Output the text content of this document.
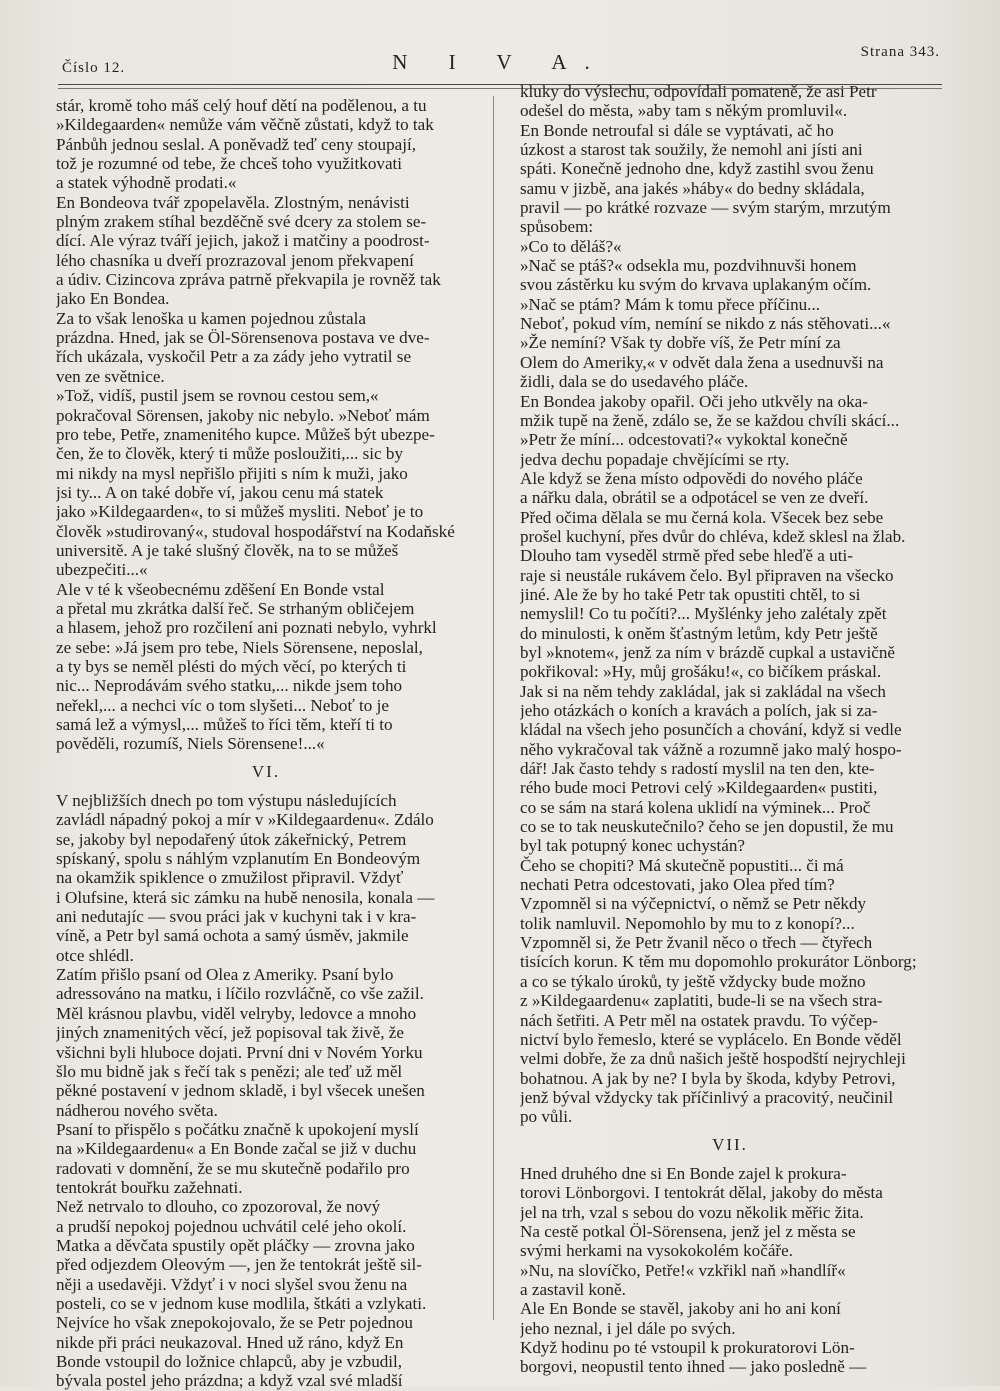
Číslo 12.	N I V A.	Strana 343.
stár, kromě toho máš celý houf dětí na podělenou, a tu
»Kildegaarden« nemůže vám věčně zůstati, když to tak
Pánbůh jednou seslal. A poněvadž teď ceny stoupají,
tož je rozumné od tebe, že chceš toho využitkovati
a statek výhodně prodati.«
En Bondeova tvář zpopelavěla. Zlostným, nenávisti
plným zrakem stíhal bezděčně své dcery za stolem se-
dící. Ale výraz tváří jejich, jakož i matčiny a poodrost-
lého chasníka u dveří prozrazoval jenom překvapení
a údiv. Cizincova zpráva patrně překvapila je rovněž tak
jako En Bondea.
Za to však lenoška u kamen pojednou zůstala
prázdna. Hned, jak se Öl-Sörensenova postava ve dve-
řích ukázala, vyskočil Petr a za zády jeho vytratil se
ven ze světnice.
»Tož, vidíš, pustil jsem se rovnou cestou sem,«
pokračoval Sörensen, jakoby nic nebylo. »Neboť mám
pro tebe, Petře, znamenitého kupce. Můžeš být ubezpe-
čen, že to člověk, který ti může posloužiti,... sic by
mi nikdy na mysl nepřišlo přijiti s ním k muži, jako
jsi ty... A on také dobře ví, jakou cenu má statek
jako »Kildegaarden«, to si můžeš mysliti. Neboť je to
člověk »studirovaný«, studoval hospodářství na Kodaňské
universitě. A je také slušný člověk, na to se můžeš
ubezpečiti...«
Ale v té k všeobecnému zděšení En Bonde vstal
a přetal mu zkrátka další řeč. Se strhaným obličejem
a hlasem, jehož pro rozčilení ani poznati nebylo, vyhrkl
ze sebe: »Já jsem pro tebe, Niels Sörensene, neposlal,
a ty bys se neměl plésti do mých věcí, po kterých ti
nic... Neprodávám svého statku,... nikde jsem toho
neřekl,... a nechci víc o tom slyšeti... Neboť to je
samá lež a výmysl,... můžeš to říci těm, kteří ti to
pověděli, rozumíš, Niels Sörensene!...«
VI.
V nejbližších dnech po tom výstupu následujících
zavládl nápadný pokoj a mír v »Kildegaardenu«. Zdálo
se, jakoby byl nepodařený útok zákeřnický, Petrem
spískaný, spolu s náhlým vzplanutím En Bondeovým
na okamžik spiklence o zmužilost připravil. Vždyť
i Olufsine, která sic zámku na hubě nenosila, konala —
ani nedutajíc — svou práci jak v kuchyni tak i v kra-
víně, a Petr byl samá ochota a samý úsměv, jakmile
otce shlédl.
Zatím přišlo psaní od Olea z Ameriky. Psaní bylo
adressováno na matku, i líčilo rozvláčně, co vše zažil.
Měl krásnou plavbu, viděl velryby, ledovce a mnoho
jiných znamenitých věcí, jež popisoval tak živě, že
všichni byli hluboce dojati. První dni v Novém Yorku
šlo mu bidně jak s řečí tak s penězi; ale teď už měl
pěkné postavení v jednom skladě, i byl všecek unešen
nádherou nového světa.
Psaní to přispělo s počátku značně k upokojení myslí
na »Kildegaardenu« a En Bonde začal se již v duchu
radovati v domnění, že se mu skutečně podařilo pro
tentokrát bouřku zažehnati.
Než netrvalo to dlouho, co zpozoroval, že nový
a prudší nepokoj pojednou uchvátil celé jeho okolí.
Matka a děvčata spustily opět pláčky — zrovna jako
před odjezdem Oleovým —, jen že tentokrát ještě sil-
něji a usedavěji. Vždyť i v noci slyšel svou ženu na
posteli, co se v jednom kuse modlila, štkáti a vzlykati.
Nejvíce ho však znepokojovalo, že se Petr pojednou
nikde při práci neukazoval. Hned už ráno, když En
Bonde vstoupil do ložnice chlapců, aby je vzbudil,
bývala postel jeho prázdna; a když vzal své mladší
kluky do výslechu, odpovídali pomateně, že asi Petr
odešel do města, »aby tam s někým promluvil«.
En Bonde netroufal si dále se vyptávati, ač ho
úzkost a starost tak soužily, že nemohl ani jísti ani
spáti. Konečně jednoho dne, když zastihl svou ženu
samu v jizbě, ana jakés »háby« do bedny skládala,
pravil — po krátké rozvaze — svým starým, mrzutým
spůsobem:
»Co to děláš?«
»Nač se ptáš?« odsekla mu, pozdvihnuvši honem
svou zástěrku ku svým do krvava uplakaným očím.
»Nač se ptám? Mám k tomu přece příčinu...
Neboť, pokud vím, nemíní se nikdo z nás stěhovati...«
»Že nemíní? Však ty dobře víš, že Petr míní za
Olem do Ameriky,« v odvět dala žena a usednuvši na
židli, dala se do usedavého pláče.
En Bondea jakoby opařil. Oči jeho utkvěly na oka-
mžik tupě na ženě, zdálo se, že se každou chvíli skácí...
»Petr že míní... odcestovati?« vykoktal konečně
jedva dechu popadaje chvějícími se rty.
Ale když se žena místo odpovědi do nového pláče
a nářku dala, obrátil se a odpotácel se ven ze dveří.
Před očima dělala se mu černá kola. Všecek bez sebe
prošel kuchyní, přes dvůr do chléva, kdež sklesl na žlab.
Dlouho tam vyseděl strmě před sebe hleďě a uti-
raje si neustále rukávem čelo. Byl připraven na všecko
jiné. Ale že by ho také Petr tak opustiti chtěl, to si
nemyslil! Co tu počíti?... Myšlénky jeho zalétaly zpět
do minulosti, k oněm šťastným letům, kdy Petr ještě
byl »knotem«, jenž za ním v brázdě cupkal a ustavičně
pokřikoval: »Hy, můj grošáku!«, co bičíkem práskal.
Jak si na něm tehdy zakládal, jak si zakládal na všech
jeho otázkách o koních a kravách a polích, jak si za-
kládal na všech jeho posunčích a chování, když si vedle
něho vykračoval tak vážně a rozumně jako malý hospo-
dář! Jak často tehdy s radostí myslil na ten den, kte-
rého bude moci Petrovi celý »Kildegaarden« pustiti,
co se sám na stará kolena uklidí na výminek... Proč
co se to tak neuskutečnilo? čeho se jen dopustil, že mu
byl tak potupný konec uchystán?
Čeho se chopiti? Má skutečně popustiti... či má
nechati Petra odcestovati, jako Olea před tím?
Vzpomněl si na výčepnictví, o němž se Petr někdy
tolik namluvil. Nepomohlo by mu to z konopí?...
Vzpomněl si, že Petr žvanil něco o třech — čtyřech
tisících korun. K těm mu dopomohlo prokurátor Lönborg;
a co se týkalo úroků, ty ještě vždycky bude možno
z »Kildegaardenu« zaplatiti, bude-li se na všech stra-
nách šetřiti. A Petr měl na ostatek pravdu. To výčep-
nictví bylo řemeslo, které se vyplácelo. En Bonde věděl
velmi dobře, že za dnů našich ještě hospodští nejrychleji
bohatnou. A jak by ne? I byla by škoda, kdyby Petrovi,
jenž býval vždycky tak příčinlivý a pracovitý, neučinil
po vůli.
VII.
Hned druhého dne si En Bonde zajel k prokura-
torovi Lönborgovi. I tentokrát dělal, jakoby do města
jel na trh, vzal s sebou do vozu několik měřic žita.
Na cestě potkal Öl-Sörensena, jenž jel z města se
svými herkami na vysokokolém kočáře.
»Nu, na slovíčko, Petře!« vzkřikl naň »handlíř«
a zastavil koně.
Ale En Bonde se stavěl, jakoby ani ho ani koní
jeho neznal, i jel dále po svých.
Když hodinu po té vstoupil k prokuratorovi Lön-
borgovi, neopustil tento ihned — jako posledně —
